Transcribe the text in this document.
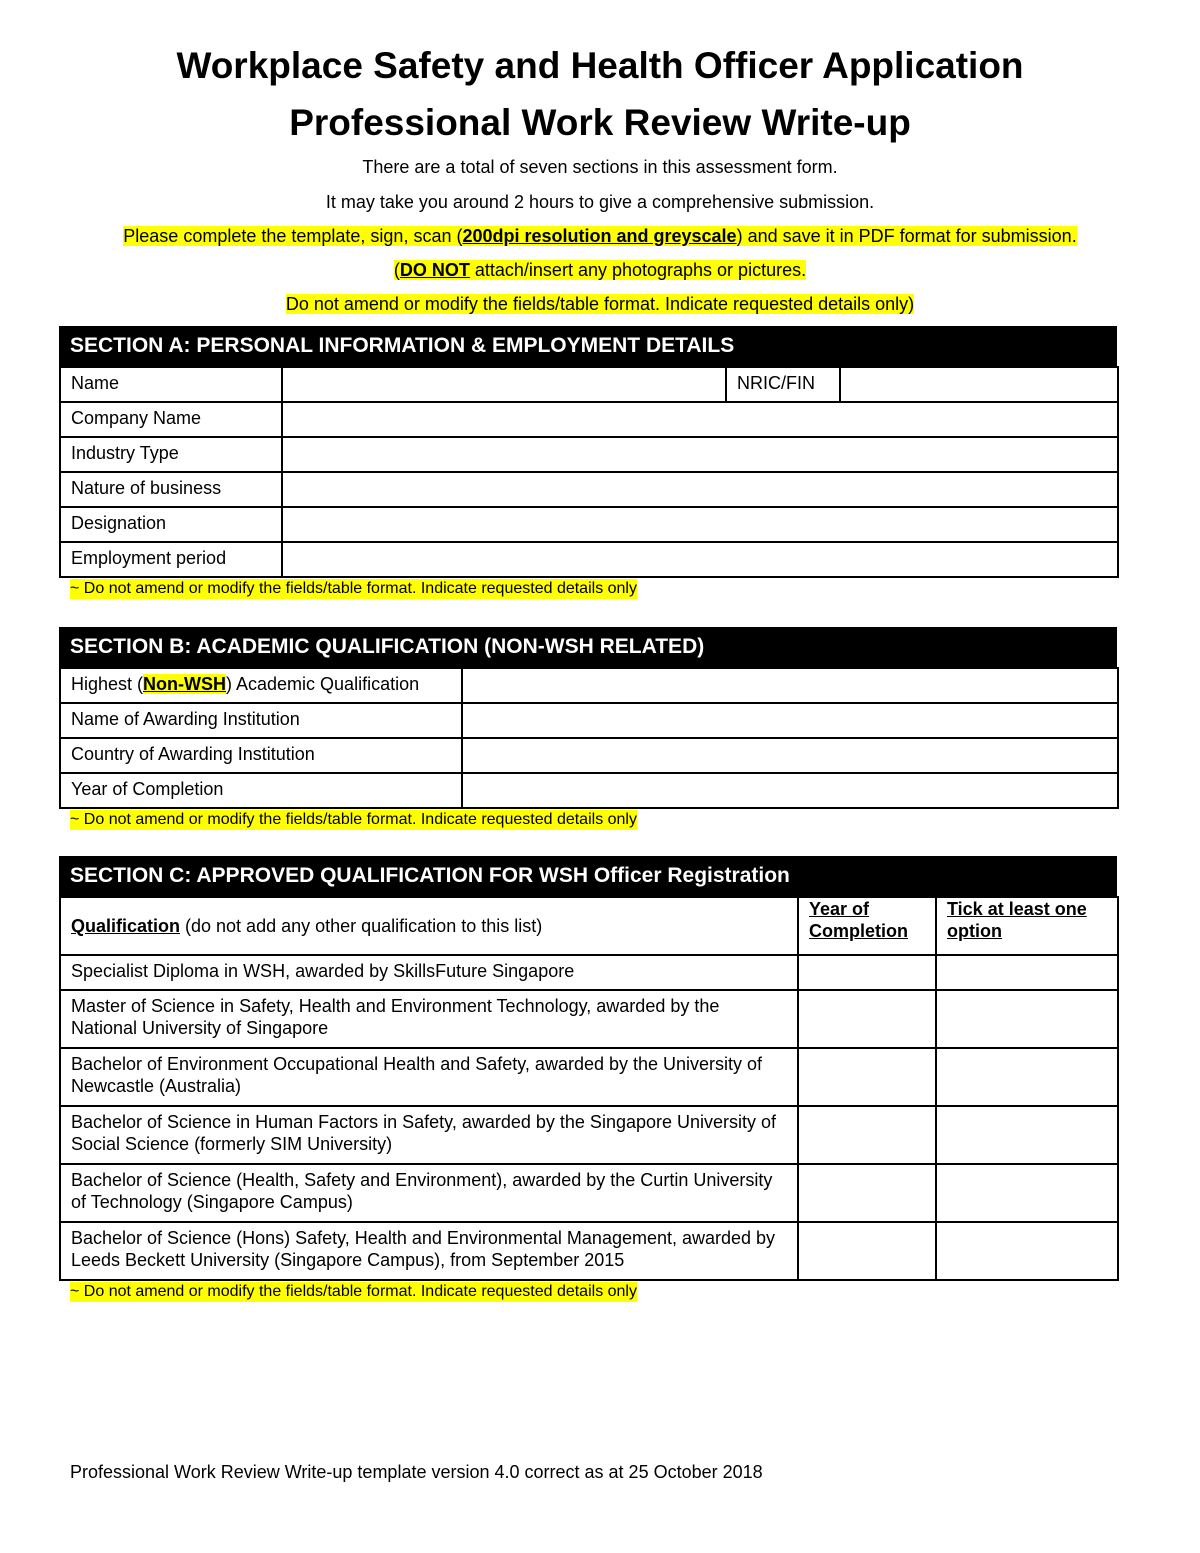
Workplace Safety and Health Officer Application
Professional Work Review Write-up
There are a total of seven sections in this assessment form.
It may take you around 2 hours to give a comprehensive submission.
Please complete the template, sign, scan (200dpi resolution and greyscale) and save it in PDF format for submission.
(DO NOT attach/insert any photographs or pictures.
Do not amend or modify the fields/table format. Indicate requested details only)
SECTION A: PERSONAL INFORMATION & EMPLOYMENT DETAILS
Name		NRIC/FIN	
Company Name			
Industry Type			
Nature of business			
Designation			
Employment period			
~ Do not amend or modify the fields/table format. Indicate requested details only
SECTION B: ACADEMIC QUALIFICATION (NON-WSH RELATED)
Highest (Non-WSH) Academic Qualification	
Name of Awarding Institution	
Country of Awarding Institution	
Year of Completion	
~ Do not amend or modify the fields/table format. Indicate requested details only
SECTION C: APPROVED QUALIFICATION FOR WSH Officer Registration
Qualification (do not add any other qualification to this list)	Year of Completion	Tick at least one option
Specialist Diploma in WSH, awarded by SkillsFuture Singapore		
Master of Science in Safety, Health and Environment Technology, awarded by the National University of Singapore		
Bachelor of Environment Occupational Health and Safety, awarded by the University of Newcastle (Australia)		
Bachelor of Science in Human Factors in Safety, awarded by the Singapore University of Social Science (formerly SIM University)		
Bachelor of Science (Health, Safety and Environment), awarded by the Curtin University of Technology (Singapore Campus)		
Bachelor of Science (Hons) Safety, Health and Environmental Management, awarded by Leeds Beckett University (Singapore Campus), from September 2015		
~ Do not amend or modify the fields/table format. Indicate requested details only
Professional Work Review Write-up template version 4.0 correct as at 25 October 2018
